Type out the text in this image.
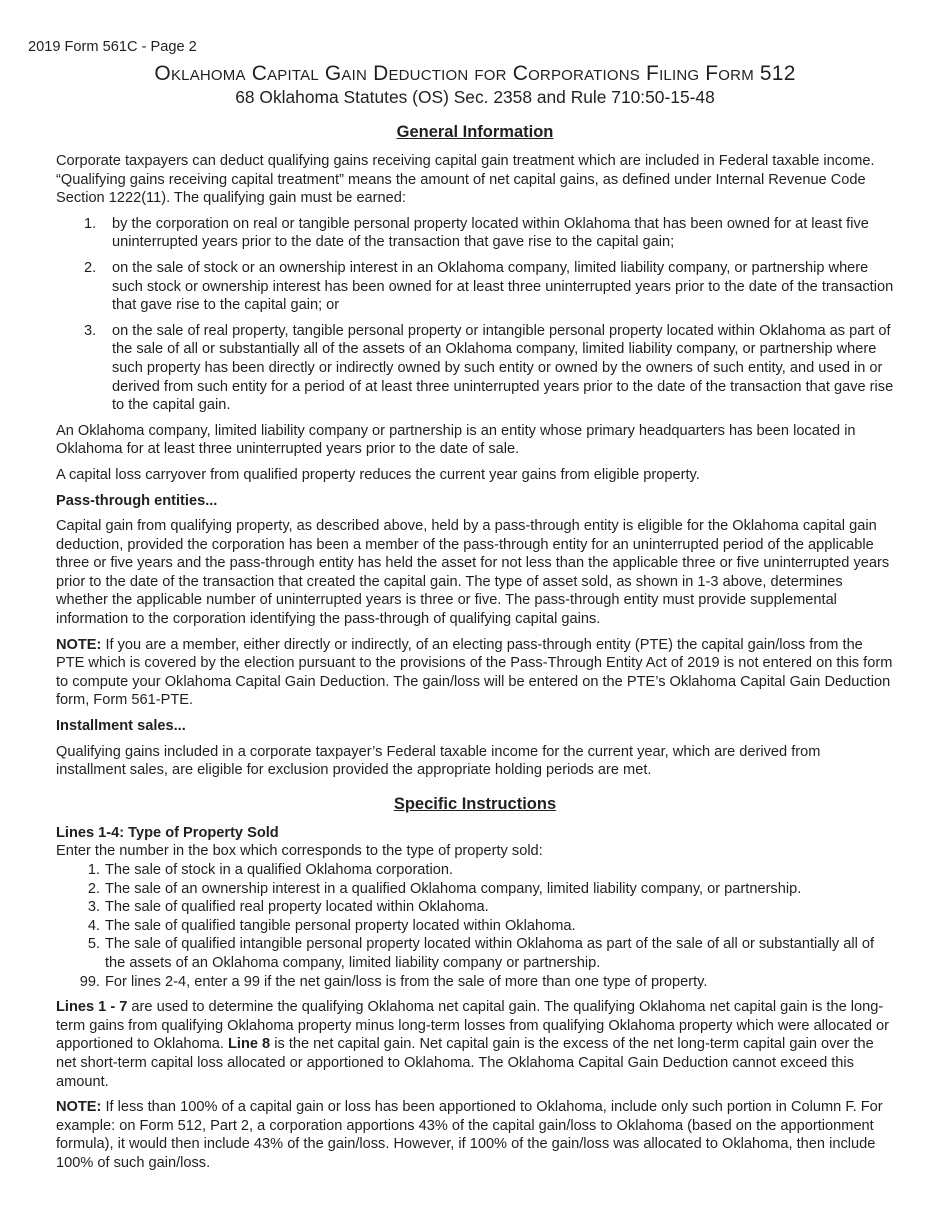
2019 Form 561C - Page 2
Oklahoma Capital Gain Deduction for Corporations Filing Form 512
68 Oklahoma Statutes (OS) Sec. 2358 and Rule 710:50-15-48
General Information

Corporate taxpayers can deduct qualifying gains receiving capital gain treatment which are included in Federal taxable income. “Qualifying gains receiving capital treatment” means the amount of net capital gains, as defined under Internal Revenue Code Section 1222(11). The qualifying gain must be earned:

1. by the corporation on real or tangible personal property located within Oklahoma that has been owned for at least five uninterrupted years prior to the date of the transaction that gave rise to the capital gain;
2. on the sale of stock or an ownership interest in an Oklahoma company, limited liability company, or partnership where such stock or ownership interest has been owned for at least three uninterrupted years prior to the date of the transaction that gave rise to the capital gain; or
3. on the sale of real property, tangible personal property or intangible personal property located within Oklahoma as part of the sale of all or substantially all of the assets of an Oklahoma company, limited liability company, or partnership where such property has been directly or indirectly owned by such entity or owned by the owners of such entity, and used in or derived from such entity for a period of at least three uninterrupted years prior to the date of the transaction that gave rise to the capital gain.

An Oklahoma company, limited liability company or partnership is an entity whose primary headquarters has been located in Oklahoma for at least three uninterrupted years prior to the date of sale.

A capital loss carryover from qualified property reduces the current year gains from eligible property.

Pass-through entities...

Capital gain from qualifying property, as described above, held by a pass-through entity is eligible for the Oklahoma capital gain deduction, provided the corporation has been a member of the pass-through entity for an uninterrupted period of the applicable three or five years and the pass-through entity has held the asset for not less than the applicable three or five uninterrupted years prior to the date of the transaction that created the capital gain. The type of asset sold, as shown in 1-3 above, determines whether the applicable number of uninterrupted years is three or five. The pass-through entity must provide supplemental information to the corporation identifying the pass-through of qualifying capital gains.

NOTE: If you are a member, either directly or indirectly, of an electing pass-through entity (PTE) the capital gain/loss from the PTE which is covered by the election pursuant to the provisions of the Pass-Through Entity Act of 2019 is not entered on this form to compute your Oklahoma Capital Gain Deduction. The gain/loss will be entered on the PTE’s Oklahoma Capital Gain Deduction form, Form 561-PTE.

Installment sales...

Qualifying gains included in a corporate taxpayer’s Federal taxable income for the current year, which are derived from installment sales, are eligible for exclusion provided the appropriate holding periods are met.

Specific Instructions
Lines 1-4: Type of Property Sold
Enter the number in the box which corresponds to the type of property sold:
1. The sale of stock in a qualified Oklahoma corporation.
2. The sale of an ownership interest in a qualified Oklahoma company, limited liability company, or partnership.
3. The sale of qualified real property located within Oklahoma.
4. The sale of qualified tangible personal property located within Oklahoma.
5. The sale of qualified intangible personal property located within Oklahoma as part of the sale of all or substantially all of the assets of an Oklahoma company, limited liability company or partnership.
99. For lines 2-4, enter a 99 if the net gain/loss is from the sale of more than one type of property.

Lines 1 - 7 are used to determine the qualifying Oklahoma net capital gain. The qualifying Oklahoma net capital gain is the long-term gains from qualifying Oklahoma property minus long-term losses from qualifying Oklahoma property which were allocated or apportioned to Oklahoma. Line 8 is the net capital gain. Net capital gain is the excess of the net long-term capital gain over the net short-term capital loss allocated or apportioned to Oklahoma. The Oklahoma Capital Gain Deduction cannot exceed this amount.

NOTE: If less than 100% of a capital gain or loss has been apportioned to Oklahoma, include only such portion in Column F. For example: on Form 512, Part 2, a corporation apportions 43% of the capital gain/loss to Oklahoma (based on the apportionment formula), it would then include 43% of the gain/loss. However, if 100% of the gain/loss was allocated to Oklahoma, then include 100% of such gain/loss.
